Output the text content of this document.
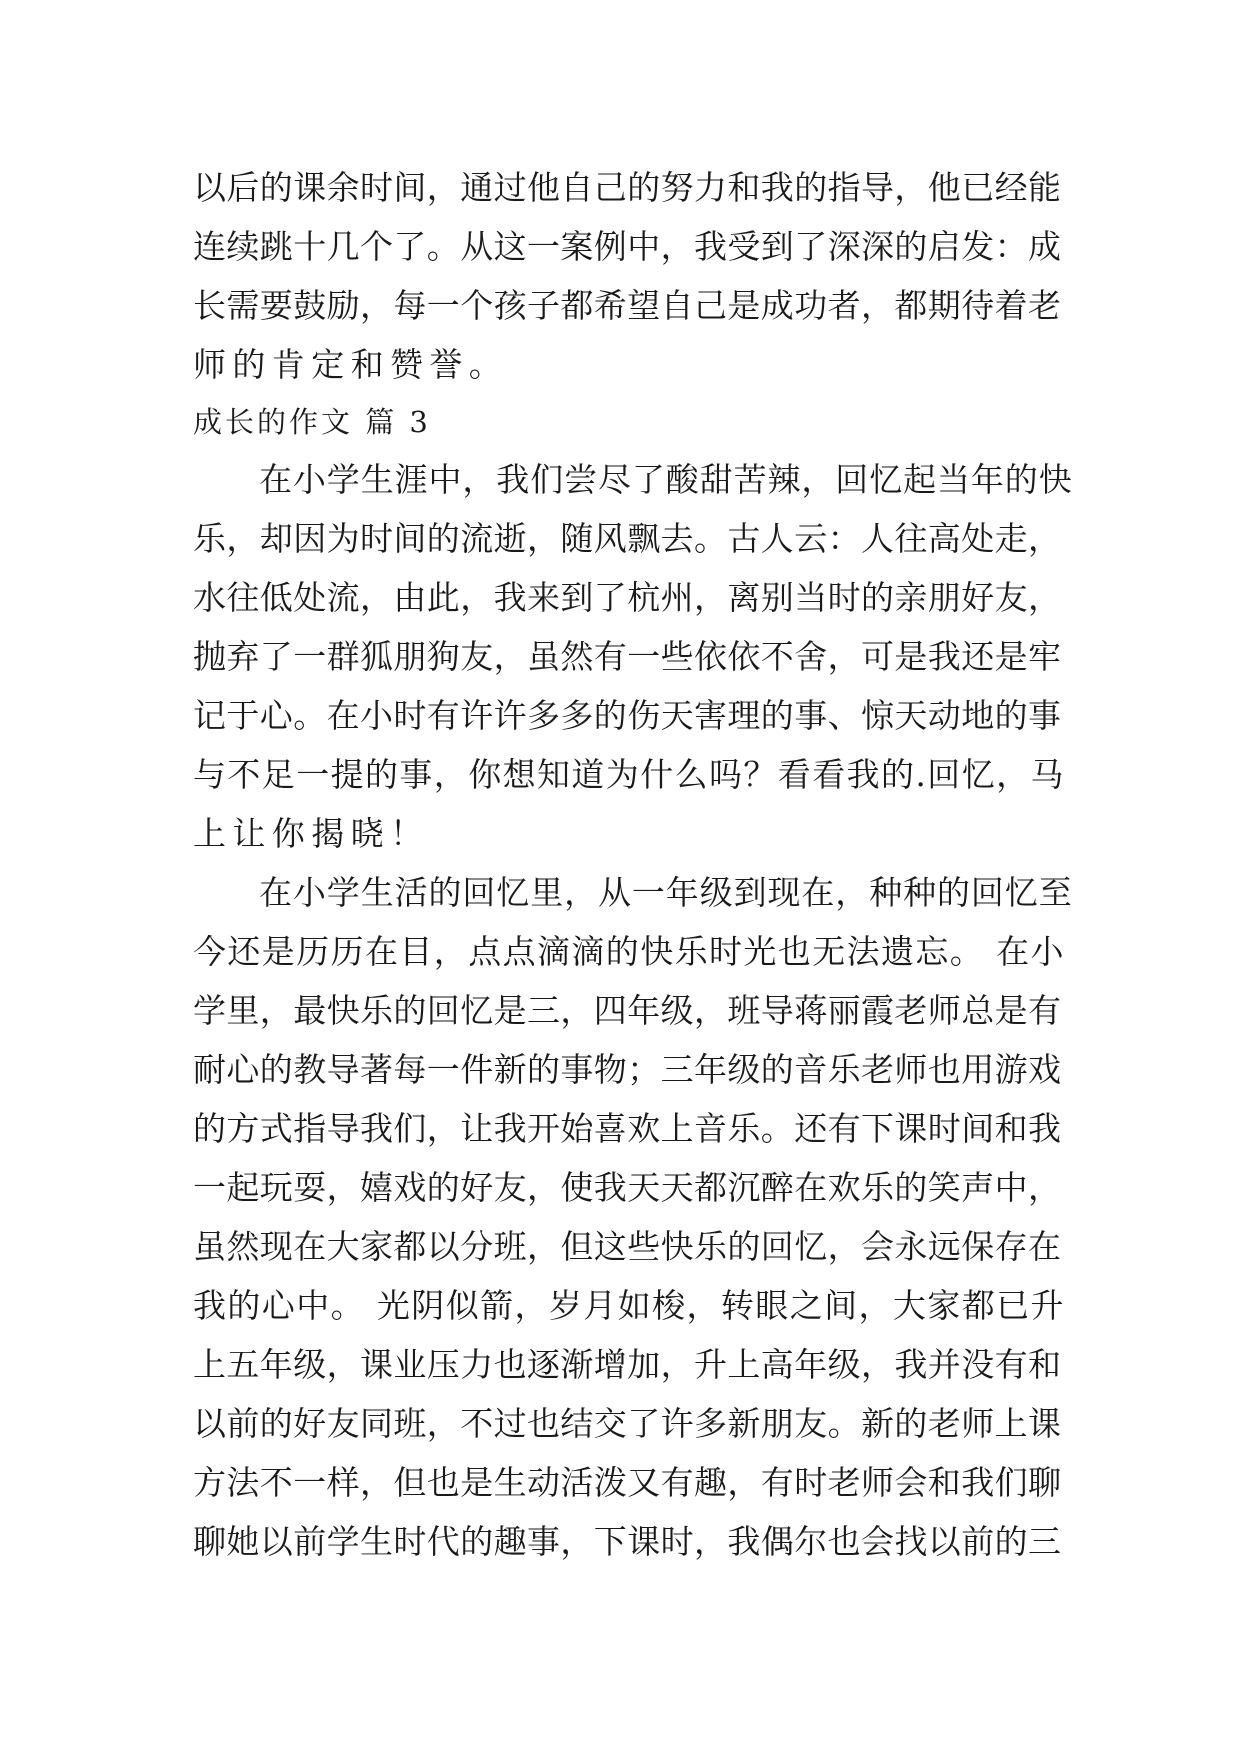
以后的课余时间，通过他自己的努力和我的指导，他已经能
连续跳十几个了。从这一案例中，我受到了深深的启发：成
长需要鼓励，每一个孩子都希望自己是成功者，都期待着老
师的肯定和赞誉。
成长的作文 篇 3
在小学生涯中，我们尝尽了酸甜苦辣，回忆起当年的快
乐，却因为时间的流逝，随风飘去。古人云：人往高处走，
水往低处流，由此，我来到了杭州，离别当时的亲朋好友，
抛弃了一群狐朋狗友，虽然有一些依依不舍，可是我还是牢
记于心。在小时有许许多多的伤天害理的事、惊天动地的事
与不足一提的事，你想知道为什么吗？看看我的.回忆，马
上让你揭晓！
在小学生活的回忆里，从一年级到现在，种种的回忆至
今还是历历在目，点点滴滴的快乐时光也无法遗忘。 在小
学里，最快乐的回忆是三，四年级，班导蒋丽霞老师总是有
耐心的教导著每一件新的事物；三年级的音乐老师也用游戏
的方式指导我们，让我开始喜欢上音乐。还有下课时间和我
一起玩耍，嬉戏的好友，使我天天都沉醉在欢乐的笑声中，
虽然现在大家都以分班，但这些快乐的回忆，会永远保存在
我的心中。 光阴似箭，岁月如梭，转眼之间，大家都已升
上五年级，课业压力也逐渐增加，升上高年级，我并没有和
以前的好友同班，不过也结交了许多新朋友。新的老师上课
方法不一样，但也是生动活泼又有趣，有时老师会和我们聊
聊她以前学生时代的趣事，下课时，我偶尔也会找以前的三
